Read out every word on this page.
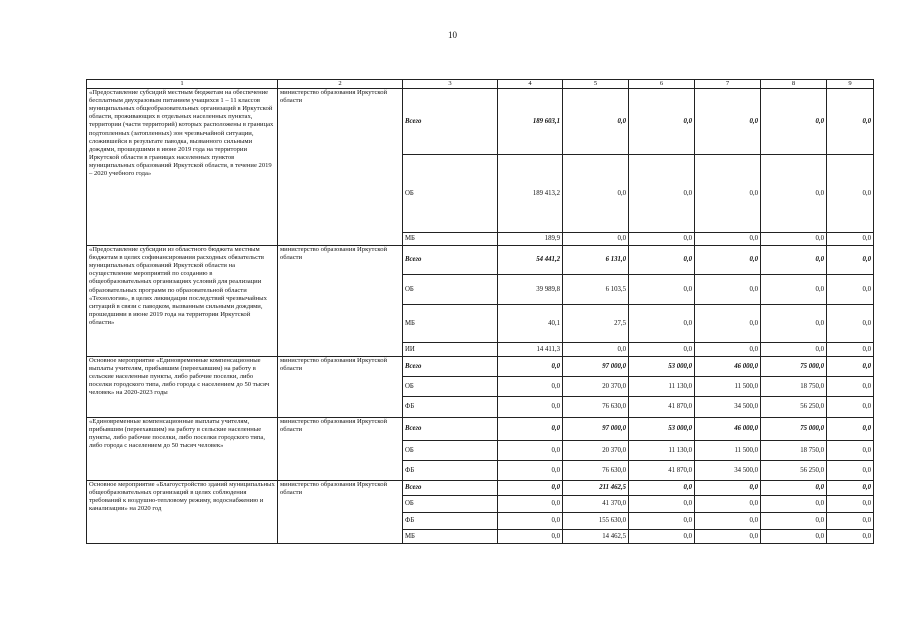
10
1	2	3	4	5	6	7	8	9
«Предоставление субсидий местным бюджетам на обеспечение бесплатным двухразовым питанием учащихся 1 – 11 классов муниципальных общеобразовательных организаций в Иркутской области, проживающих в отдельных населенных пунктах, территории (части территорий) которых расположены в границах подтопленных (затопленных) зон чрезвычайной ситуации, сложившейся в результате паводка, вызванного сильными дождями, прошедшими в июне 2019 года на территории Иркутской области в границах населенных пунктов муниципальных образований Иркутской области, в течение 2019 – 2020 учебного года»	министерство образования Иркутской области	Всего	189 603,1	0,0	0,0	0,0	0,0	0,0
		ОБ	189 413,2	0,0	0,0	0,0	0,0	0,0
		МБ	189,9	0,0	0,0	0,0	0,0	0,0
«Предоставление субсидии из областного бюджета местным бюджетам в целях софинансирования расходных обязательств муниципальных образований Иркутской области на осуществление мероприятий по созданию в общеобразовательных организациях условий для реализации образовательных программ по образовательной области «Технология», в целях ликвидации последствий чрезвычайных ситуаций в связи с паводком, вызванным сильными дождями, прошедшими в июне 2019 года на территории Иркутской области»	министерство образования Иркутской области	Всего	54 441,2	6 131,0	0,0	0,0	0,0	0,0
		ОБ	39 989,8	6 103,5	0,0	0,0	0,0	0,0
		МБ	40,1	27,5	0,0	0,0	0,0	0,0
		ИИ	14 411,3	0,0	0,0	0,0	0,0	0,0
Основное мероприятие «Единовременные компенсационные выплаты учителям, прибывшим (переехавшим) на работу в сельские населенные пункты, либо рабочие поселки, либо поселки городского типа, либо города с населением до 50 тысяч человек» на 2020-2023 годы	министерство образования Иркутской области	Всего	0,0	97 000,0	53 000,0	46 000,0	75 000,0	0,0
		ОБ	0,0	20 370,0	11 130,0	11 500,0	18 750,0	0,0
		ФБ	0,0	76 630,0	41 870,0	34 500,0	56 250,0	0,0
«Единовременные компенсационные выплаты учителям, прибывшим (переехавшим) на работу в сельские населенные пункты, либо рабочие поселки, либо поселки городского типа, либо города с населением до 50 тысяч человек»	министерство образования Иркутской области	Всего	0,0	97 000,0	53 000,0	46 000,0	75 000,0	0,0
		ОБ	0,0	20 370,0	11 130,0	11 500,0	18 750,0	0,0
		ФБ	0,0	76 630,0	41 870,0	34 500,0	56 250,0	0,0
Основное мероприятие «Благоустройство зданий муниципальных общеобразовательных организаций в целях соблюдения требований к воздушно-тепловому режиму, водоснабжению и канализации» на 2020 год	министерство образования Иркутской области	Всего	0,0	211 462,5	0,0	0,0	0,0	0,0
		ОБ	0,0	41 370,0	0,0	0,0	0,0	0,0
		ФБ	0,0	155 630,0	0,0	0,0	0,0	0,0
		МБ	0,0	14 462,5	0,0	0,0	0,0	0,0
